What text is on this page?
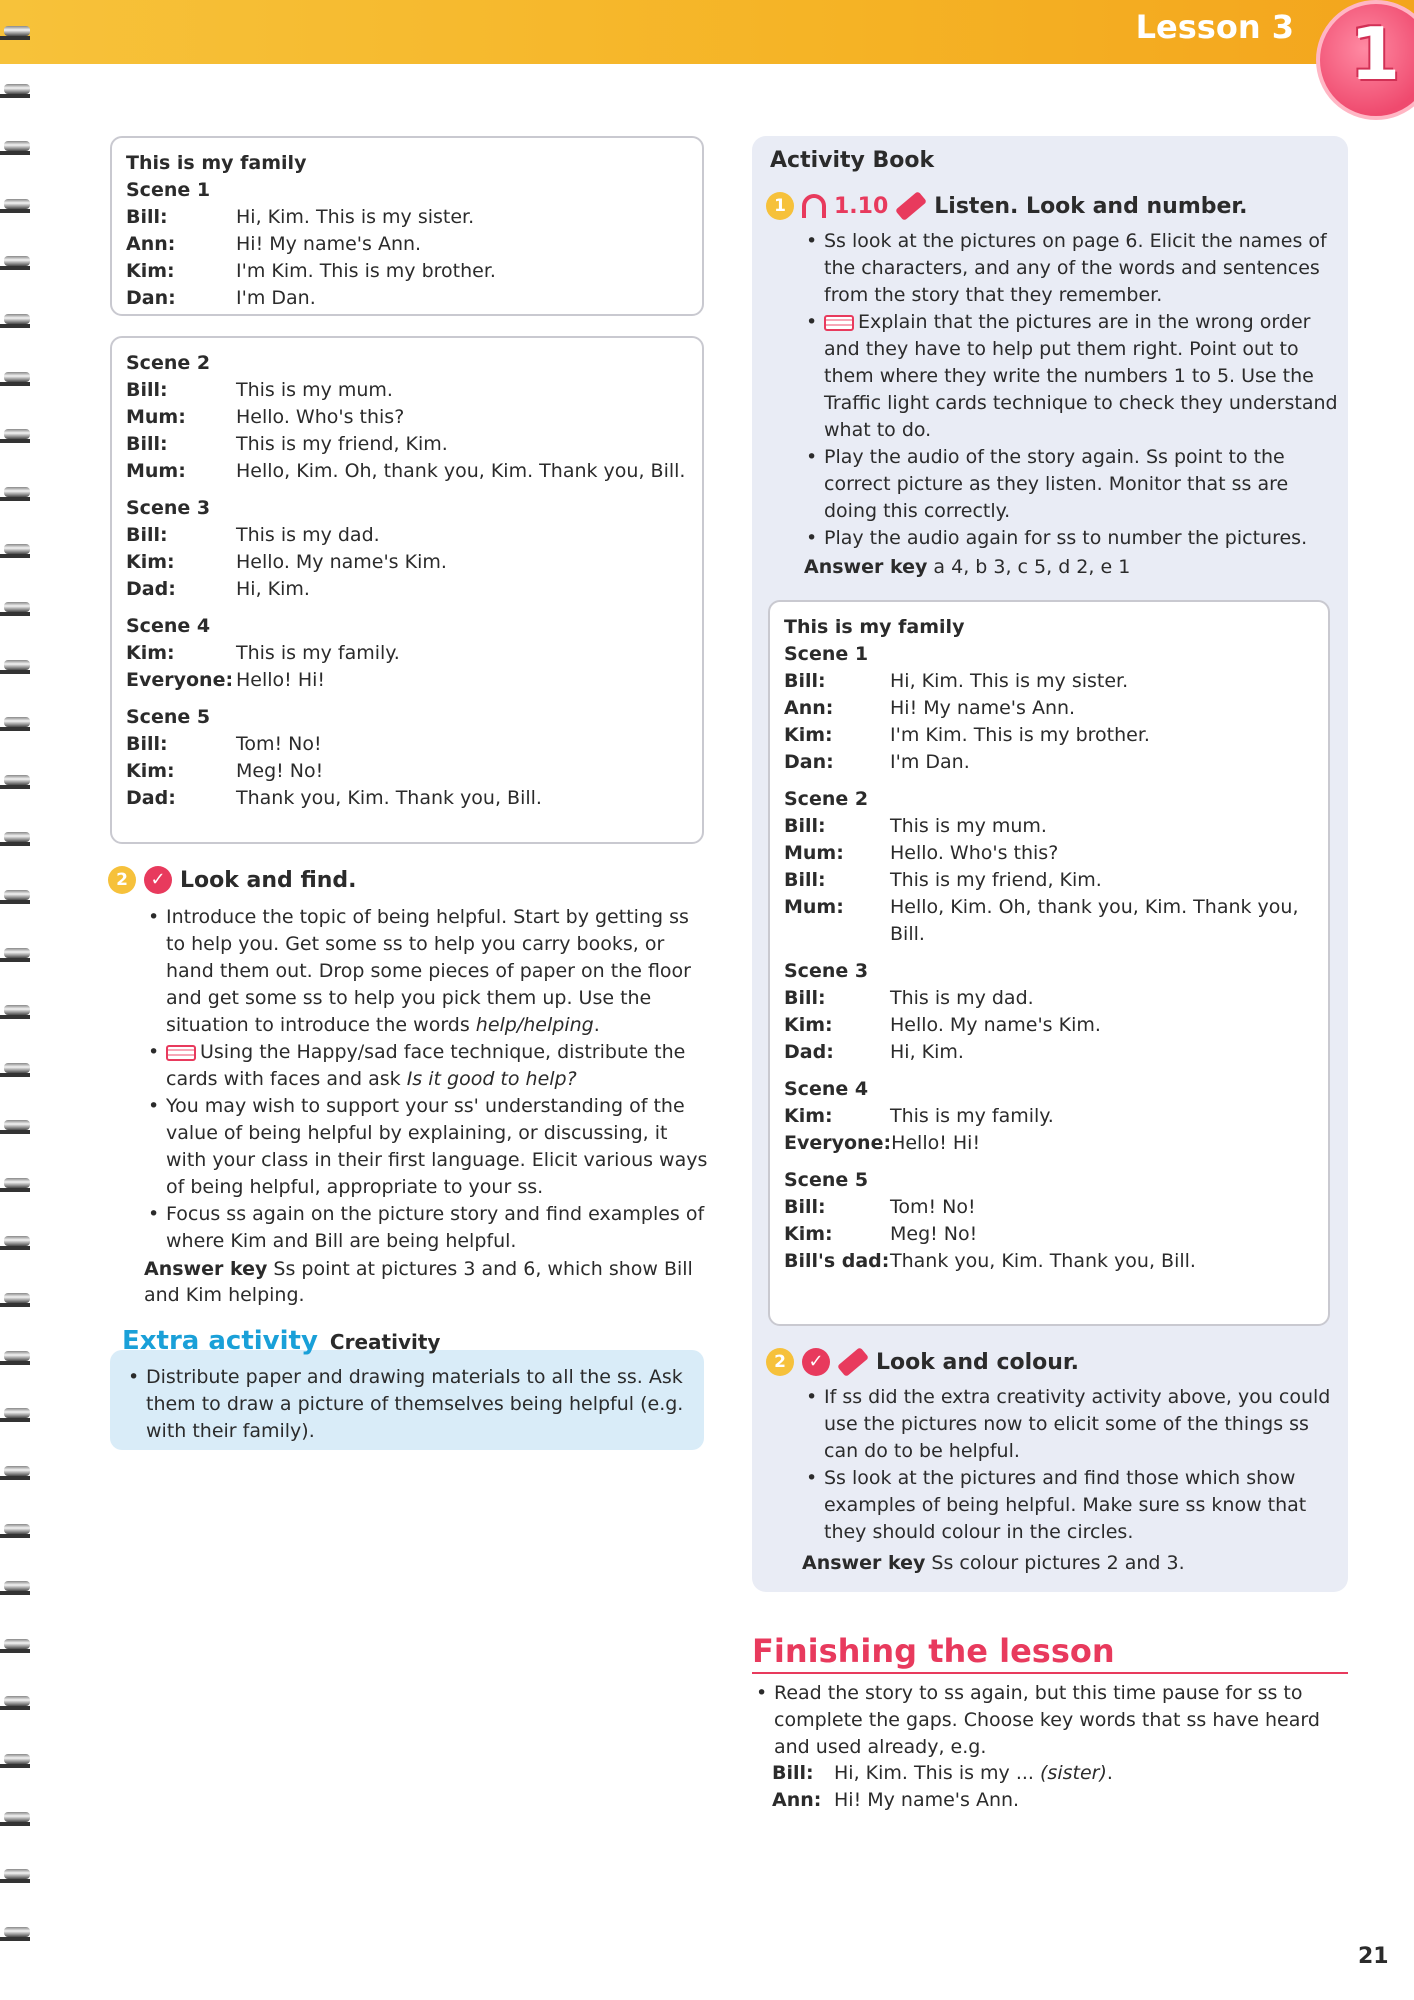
Lesson 3 1
This is my family
Scene 1
Bill:	Hi, Kim. This is my sister.
Ann:	Hi! My name's Ann.
Kim:	I'm Kim. This is my brother.
Dan:	I'm Dan.
Scene 2
Bill:	This is my mum.
Mum:	Hello. Who's this?
Bill:	This is my friend, Kim.
Mum:	Hello, Kim. Oh, thank you, Kim. Thank you, Bill.
Scene 3
Bill:	This is my dad.
Kim:	Hello. My name's Kim.
Dad:	Hi, Kim.
Scene 4
Kim:	This is my family.
Everyone: Hello! Hi!
Scene 5
Bill:	Tom! No!
Kim:	Meg! No!
Dad:	Thank you, Kim. Thank you, Bill.
2	✓ Look and find.
• Introduce the topic of being helpful. Start by getting ss to help you. Get some ss to help you carry books, or hand them out. Drop some pieces of paper on the floor and get some ss to help you pick them up. Use the situation to introduce the words help/helping.
• Using the Happy/sad face technique, distribute the cards with faces and ask Is it good to help?
• You may wish to support your ss' understanding of the value of being helpful by explaining, or discussing, it with your class in their first language. Elicit various ways of being helpful, appropriate to your ss.
• Focus ss again on the picture story and find examples of where Kim and Bill are being helpful.
Answer key Ss point at pictures 3 and 6, which show Bill and Kim helping.
Extra activity Creativity
• Distribute paper and drawing materials to all the ss. Ask them to draw a picture of themselves being helpful (e.g. with their family).
Activity Book
1	1.10 Listen. Look and number.
• Ss look at the pictures on page 6. Elicit the names of the characters, and any of the words and sentences from the story that they remember.
• Explain that the pictures are in the wrong order and they have to help put them right. Point out to them where they write the numbers 1 to 5. Use the Traffic light cards technique to check they understand what to do.
• Play the audio of the story again. Ss point to the correct picture as they listen. Monitor that ss are doing this correctly.
• Play the audio again for ss to number the pictures.
Answer key a 4, b 3, c 5, d 2, e 1
This is my family
Scene 1
Bill:	Hi, Kim. This is my sister.
Ann:	Hi! My name's Ann.
Kim:	I'm Kim. This is my brother.
Dan:	I'm Dan.
Scene 2
Bill:	This is my mum.
Mum:	Hello. Who's this?
Bill:	This is my friend, Kim.
Mum:	Hello, Kim. Oh, thank you, Kim. Thank you, Bill.
Scene 3
Bill:	This is my dad.
Kim:	Hello. My name's Kim.
Dad:	Hi, Kim.
Scene 4
Kim:	This is my family.
Everyone: Hello! Hi!
Scene 5
Bill:	Tom! No!
Kim:	Meg! No!
Bill's dad: Thank you, Kim. Thank you, Bill.
2	✓ Look and colour.
• If ss did the extra creativity activity above, you could use the pictures now to elicit some of the things ss can do to be helpful.
• Ss look at the pictures and find those which show examples of being helpful. Make sure ss know that they should colour in the circles.
Answer key Ss colour pictures 2 and 3.
Finishing the lesson
• Read the story to ss again, but this time pause for ss to complete the gaps. Choose key words that ss have heard and used already, e.g.
Bill:	Hi, Kim. This is my ... (sister).
Ann: Hi! My name's Ann.
21
